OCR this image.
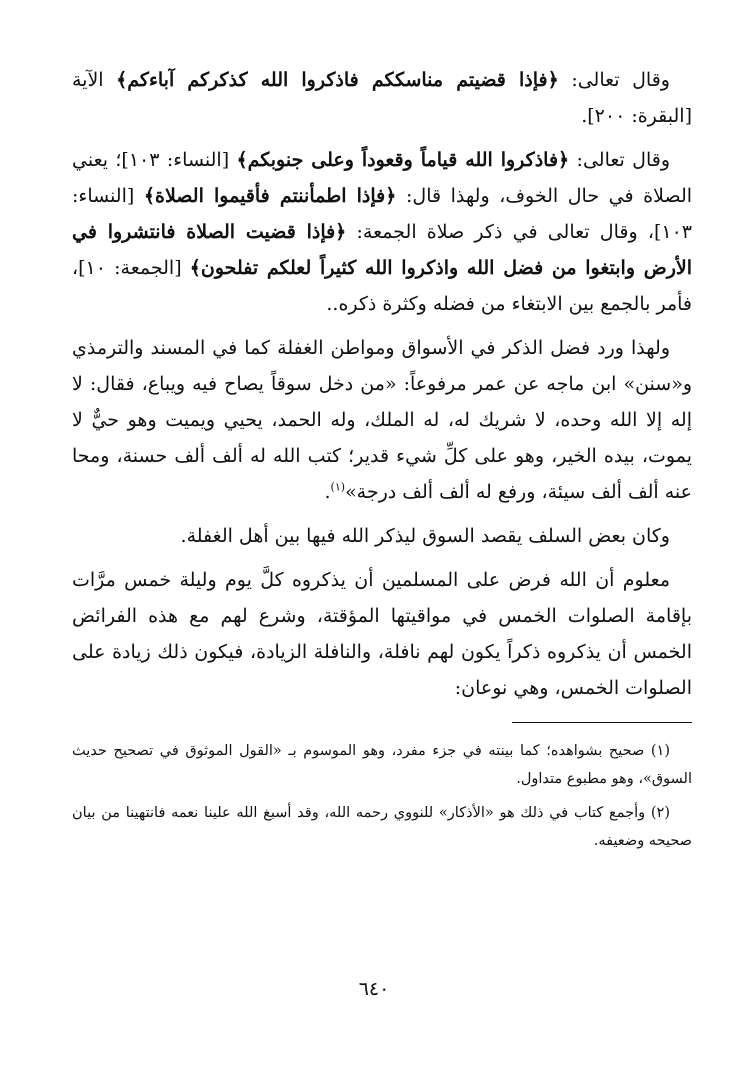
وقال تعالى: ﴿فإذا قضيتم مناسككم فاذكروا الله كذكركم آباءكم﴾ الآية [البقرة: ٢٠٠].

وقال تعالى: ﴿فاذكروا الله قياماً وقعوداً وعلى جنوبكم﴾ [النساء: ١٠٣]؛ يعني الصلاة في حال الخوف، ولهذا قال: ﴿فإذا اطمأننتم فأقيموا الصلاة﴾ [النساء: ١٠٣]، وقال تعالى في ذكر صلاة الجمعة: ﴿فإذا قضيت الصلاة فانتشروا في الأرض وابتغوا من فضل الله واذكروا الله كثيراً لعلكم تفلحون﴾ [الجمعة: ١٠]، فأمر بالجمع بين الابتغاء من فضله وكثرة ذكره..

ولهذا ورد فضل الذكر في الأسواق ومواطن الغفلة كما في المسند والترمذي و«سنن» ابن ماجه عن عمر مرفوعاً: «من دخل سوقاً يصاح فيه ويباع، فقال: لا إله إلا الله وحده، لا شريك له، له الملك، وله الحمد، يحيي ويميت وهو حيٌّ لا يموت، بيده الخير، وهو على كلِّ شيء قدير؛ كتب الله له ألف ألف حسنة، ومحا عنه ألف ألف سيئة، ورفع له ألف ألف درجة»$^{(١)}$.

وكان بعض السلف يقصد السوق ليذكر الله فيها بين أهل الغفلة.

معلوم أن الله فرض على المسلمين أن يذكروه كلَّ يوم وليلة خمس مرَّات بإقامة الصلوات الخمس في مواقيتها المؤقتة، وشرع لهم مع هذه الفرائض الخمس أن يذكروه ذكراً يكون لهم نافلة، والنافلة الزيادة، فيكون ذلك زيادة على الصلوات الخمس، وهي نوعان:

(١) صحيح بشواهده؛ كما بينته في جزء مفرد، وهو الموسوم بـ «القول الموثوق في تصحيح حديث السوق»، وهو مطبوع متداول.

(٢) وأجمع كتاب في ذلك هو «الأذكار» للنووي رحمه الله، وقد أسبغ الله علينا نعمه فانتهينا من بيان صحيحه وضعيفه.

٦٤٠
